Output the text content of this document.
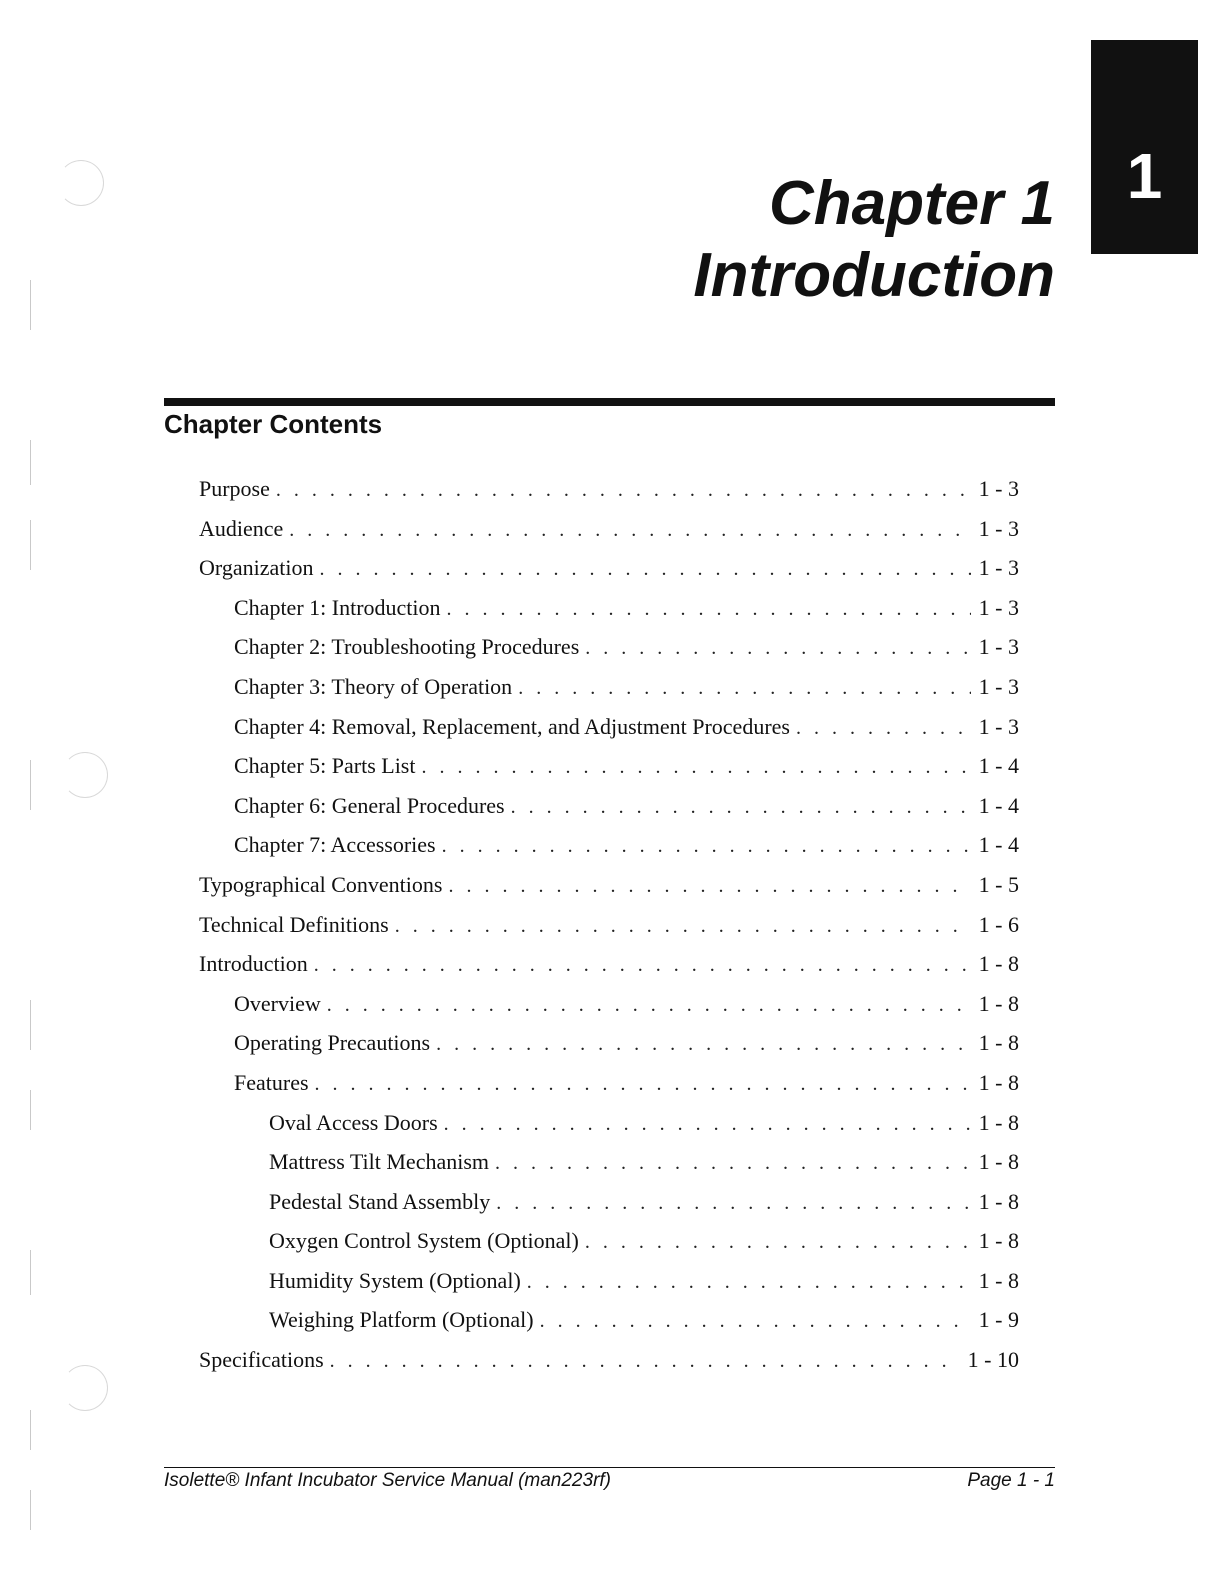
1
Chapter 1
Introduction
Chapter Contents
Purpose . . .	1 - 3
Audience . . .	1 - 3
Organization . . .	1 - 3
Chapter 1: Introduction . . .	1 - 3
Chapter 2: Troubleshooting Procedures . . .	1 - 3
Chapter 3: Theory of Operation . . .	1 - 3
Chapter 4: Removal, Replacement, and Adjustment Procedures . . .	1 - 3
Chapter 5: Parts List . . .	1 - 4
Chapter 6: General Procedures . . .	1 - 4
Chapter 7: Accessories . . .	1 - 4
Typographical Conventions . . .	1 - 5
Technical Definitions . . .	1 - 6
Introduction . . .	1 - 8
Overview . . .	1 - 8
Operating Precautions . . .	1 - 8
Features . . .	1 - 8
Oval Access Doors . . .	1 - 8
Mattress Tilt Mechanism . . .	1 - 8
Pedestal Stand Assembly . . .	1 - 8
Oxygen Control System (Optional) . . .	1 - 8
Humidity System (Optional) . . .	1 - 8
Weighing Platform (Optional) . . .	1 - 9
Specifications . . .	1 - 10
Isolette® Infant Incubator Service Manual (man223rf)	Page 1 - 1
